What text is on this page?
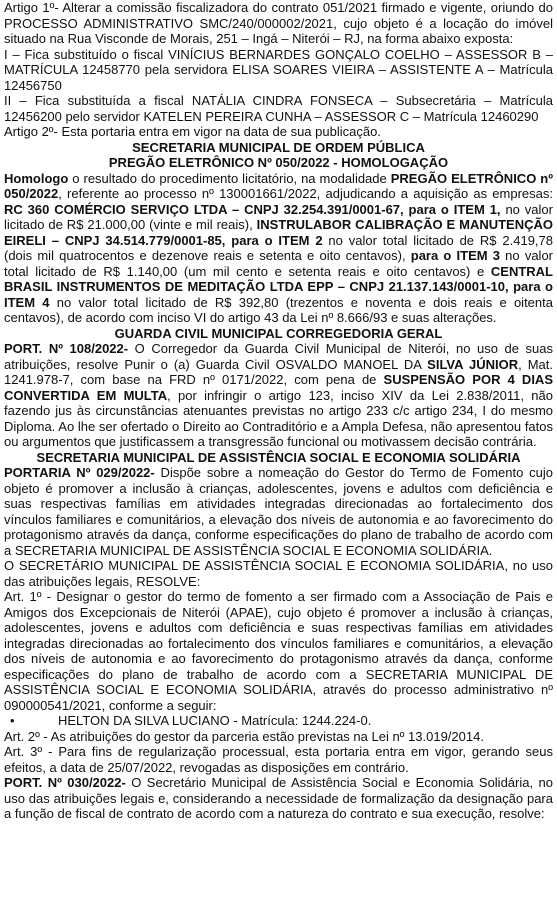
Artigo 1º- Alterar a comissão fiscalizadora do contrato 051/2021 firmado e vigente, oriundo do PROCESSO ADMINISTRATIVO SMC/240/000002/2021, cujo objeto é a locação do imóvel situado na Rua Visconde de Morais, 251 – Ingá – Niterói – RJ, na forma abaixo exposta:

I – Fica substituído o fiscal VINÍCIUS BERNARDES GONÇALO COELHO – ASSESSOR B – MATRÍCULA 12458770 pela servidora ELISA SOARES VIEIRA – ASSISTENTE A – Matrícula 12456750

II – Fica substituída a fiscal NATÁLIA CINDRA FONSECA – Subsecretária – Matrícula 12456200 pelo servidor KATELEN PEREIRA CUNHA – ASSESSOR C – Matrícula 12460290

Artigo 2º- Esta portaria entra em vigor na data de sua publicação.

SECRETARIA MUNICIPAL DE ORDEM PÚBLICA
PREGÃO ELETRÔNICO Nº 050/2022 - HOMOLOGAÇÃO

Homologo o resultado do procedimento licitatório, na modalidade PREGÃO ELETRÔNICO nº 050/2022, referente ao processo nº 130001661/2022, adjudicando a aquisição as empresas: RC 360 COMÉRCIO SERVIÇO LTDA – CNPJ 32.254.391/0001-67, para o ITEM 1, no valor licitado de R$ 21.000,00 (vinte e mil reais), INSTRULABOR CALIBRAÇÃO E MANUTENÇÃO EIRELI – CNPJ 34.514.779/0001-85, para o ITEM 2 no valor total licitado de R$ 2.419,78 (dois mil quatrocentos e dezenove reais e setenta e oito centavos), para o ITEM 3 no valor total licitado de R$ 1.140,00 (um mil cento e setenta reais e oito centavos) e CENTRAL BRASIL INSTRUMENTOS DE MEDITAÇÃO LTDA EPP – CNPJ 21.137.143/0001-10, para o ITEM 4 no valor total licitado de R$ 392,80 (trezentos e noventa e dois reais e oitenta centavos), de acordo com inciso VI do artigo 43 da Lei nº 8.666/93 e suas alterações.

GUARDA CIVIL MUNICIPAL CORREGEDORIA GERAL

PORT. Nº 108/2022- O Corregedor da Guarda Civil Municipal de Niterói, no uso de suas atribuições, resolve Punir o (a) Guarda Civil OSVALDO MANOEL DA SILVA JÚNIOR, Mat. 1241.978-7, com base na FRD nº 0171/2022, com pena de SUSPENSÃO POR 4 DIAS CONVERTIDA EM MULTA, por infringir o artigo 123, inciso XIV da Lei 2.838/2011, não fazendo jus às circunstâncias atenuantes previstas no artigo 233 c/c artigo 234, I do mesmo Diploma. Ao lhe ser ofertado o Direito ao Contraditório e a Ampla Defesa, não apresentou fatos ou argumentos que justificassem a transgressão funcional ou motivassem decisão contrária.

SECRETARIA MUNICIPAL DE ASSISTÊNCIA SOCIAL E ECONOMIA SOLIDÁRIA

PORTARIA Nº 029/2022- Dispõe sobre a nomeação do Gestor do Termo de Fomento cujo objeto é promover a inclusão à crianças, adolescentes, jovens e adultos com deficiência e suas respectivas famílias em atividades integradas direcionadas ao fortalecimento dos vínculos familiares e comunitários, a elevação dos níveis de autonomia e ao favorecimento do protagonismo através da dança, conforme especificações do plano de trabalho de acordo com a SECRETARIA MUNICIPAL DE ASSISTÊNCIA SOCIAL E ECONOMIA SOLIDÁRIA.

O SECRETÁRIO MUNICIPAL DE ASSISTÊNCIA SOCIAL E ECONOMIA SOLIDÁRIA, no uso das atribuições legais, RESOLVE:

Art. 1º - Designar o gestor do termo de fomento a ser firmado com a Associação de Pais e Amigos dos Excepcionais de Niterói (APAE), cujo objeto é promover a inclusão à crianças, adolescentes, jovens e adultos com deficiência e suas respectivas famílias em atividades integradas direcionadas ao fortalecimento dos vínculos familiares e comunitários, a elevação dos níveis de autonomia e ao favorecimento do protagonismo através da dança, conforme especificações do plano de trabalho de acordo com a SECRETARIA MUNICIPAL DE ASSISTÊNCIA SOCIAL E ECONOMIA SOLIDÁRIA, através do processo administrativo nº 090000541/2021, conforme a seguir:

•	HELTON DA SILVA LUCIANO - Matrícula: 1244.224-0.

Art. 2º - As atribuições do gestor da parceria estão previstas na Lei nº 13.019/2014.

Art. 3º - Para fins de regularização processual, esta portaria entra em vigor, gerando seus efeitos, a data de 25/07/2022, revogadas as disposições em contrário.

PORT. Nº 030/2022- O Secretário Municipal de Assistência Social e Economia Solidária, no uso das atribuições legais e, considerando a necessidade de formalização da designação para a função de fiscal de contrato de acordo com a natureza do contrato e sua execução, resolve:
